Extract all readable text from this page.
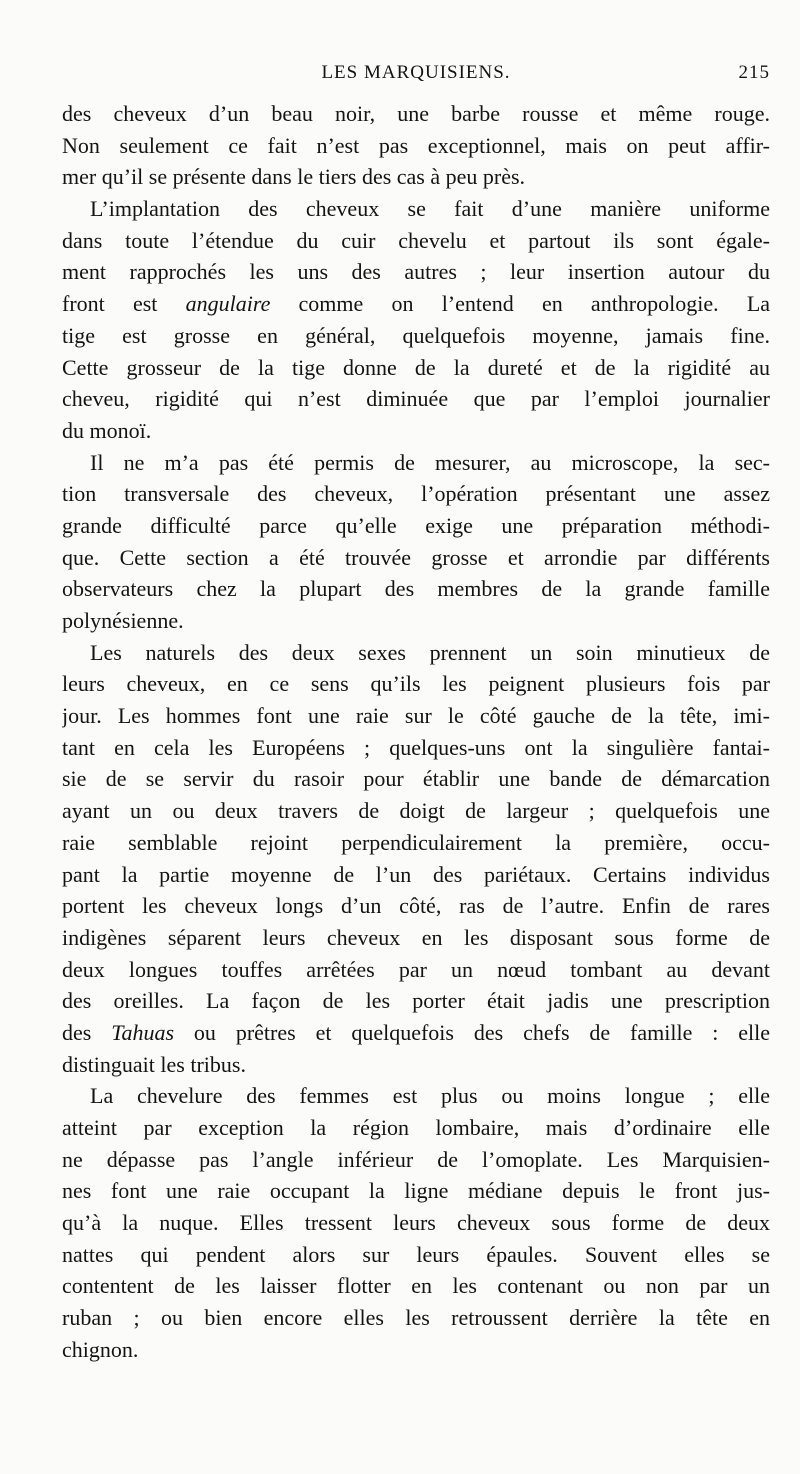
LES MARQUISIENS.	215
des cheveux d’un beau noir, une barbe rousse et même rouge.
Non seulement ce fait n’est pas exceptionnel, mais on peut affir-
mer qu’il se présente dans le tiers des cas à peu près.
L’implantation des cheveux se fait d’une manière uniforme
dans toute l’étendue du cuir chevelu et partout ils sont égale-
ment rapprochés les uns des autres ; leur insertion autour du
front est angulaire comme on l’entend en anthropologie. La
tige est grosse en général, quelquefois moyenne, jamais fine.
Cette grosseur de la tige donne de la dureté et de la rigidité au
cheveu, rigidité qui n’est diminuée que par l’emploi journalier
du monoï.
Il ne m’a pas été permis de mesurer, au microscope, la sec-
tion transversale des cheveux, l’opération présentant une assez
grande difficulté parce qu’elle exige une préparation méthodi-
que. Cette section a été trouvée grosse et arrondie par différents
observateurs chez la plupart des membres de la grande famille
polynésienne.
Les naturels des deux sexes prennent un soin minutieux de
leurs cheveux, en ce sens qu’ils les peignent plusieurs fois par
jour. Les hommes font une raie sur le côté gauche de la tête, imi-
tant en cela les Européens ; quelques-uns ont la singulière fantai-
sie de se servir du rasoir pour établir une bande de démarcation
ayant un ou deux travers de doigt de largeur ; quelquefois une
raie semblable rejoint perpendiculairement la première, occu-
pant la partie moyenne de l’un des pariétaux. Certains individus
portent les cheveux longs d’un côté, ras de l’autre. Enfin de rares
indigènes séparent leurs cheveux en les disposant sous forme de
deux longues touffes arrêtées par un nœud tombant au devant
des oreilles. La façon de les porter était jadis une prescription
des Tahuas ou prêtres et quelquefois des chefs de famille : elle
distinguait les tribus.
La chevelure des femmes est plus ou moins longue ; elle
atteint par exception la région lombaire, mais d’ordinaire elle
ne dépasse pas l’angle inférieur de l’omoplate. Les Marquisien-
nes font une raie occupant la ligne médiane depuis le front jus-
qu’à la nuque. Elles tressent leurs cheveux sous forme de deux
nattes qui pendent alors sur leurs épaules. Souvent elles se
contentent de les laisser flotter en les contenant ou non par un
ruban ; ou bien encore elles les retroussent derrière la tête en
chignon.
